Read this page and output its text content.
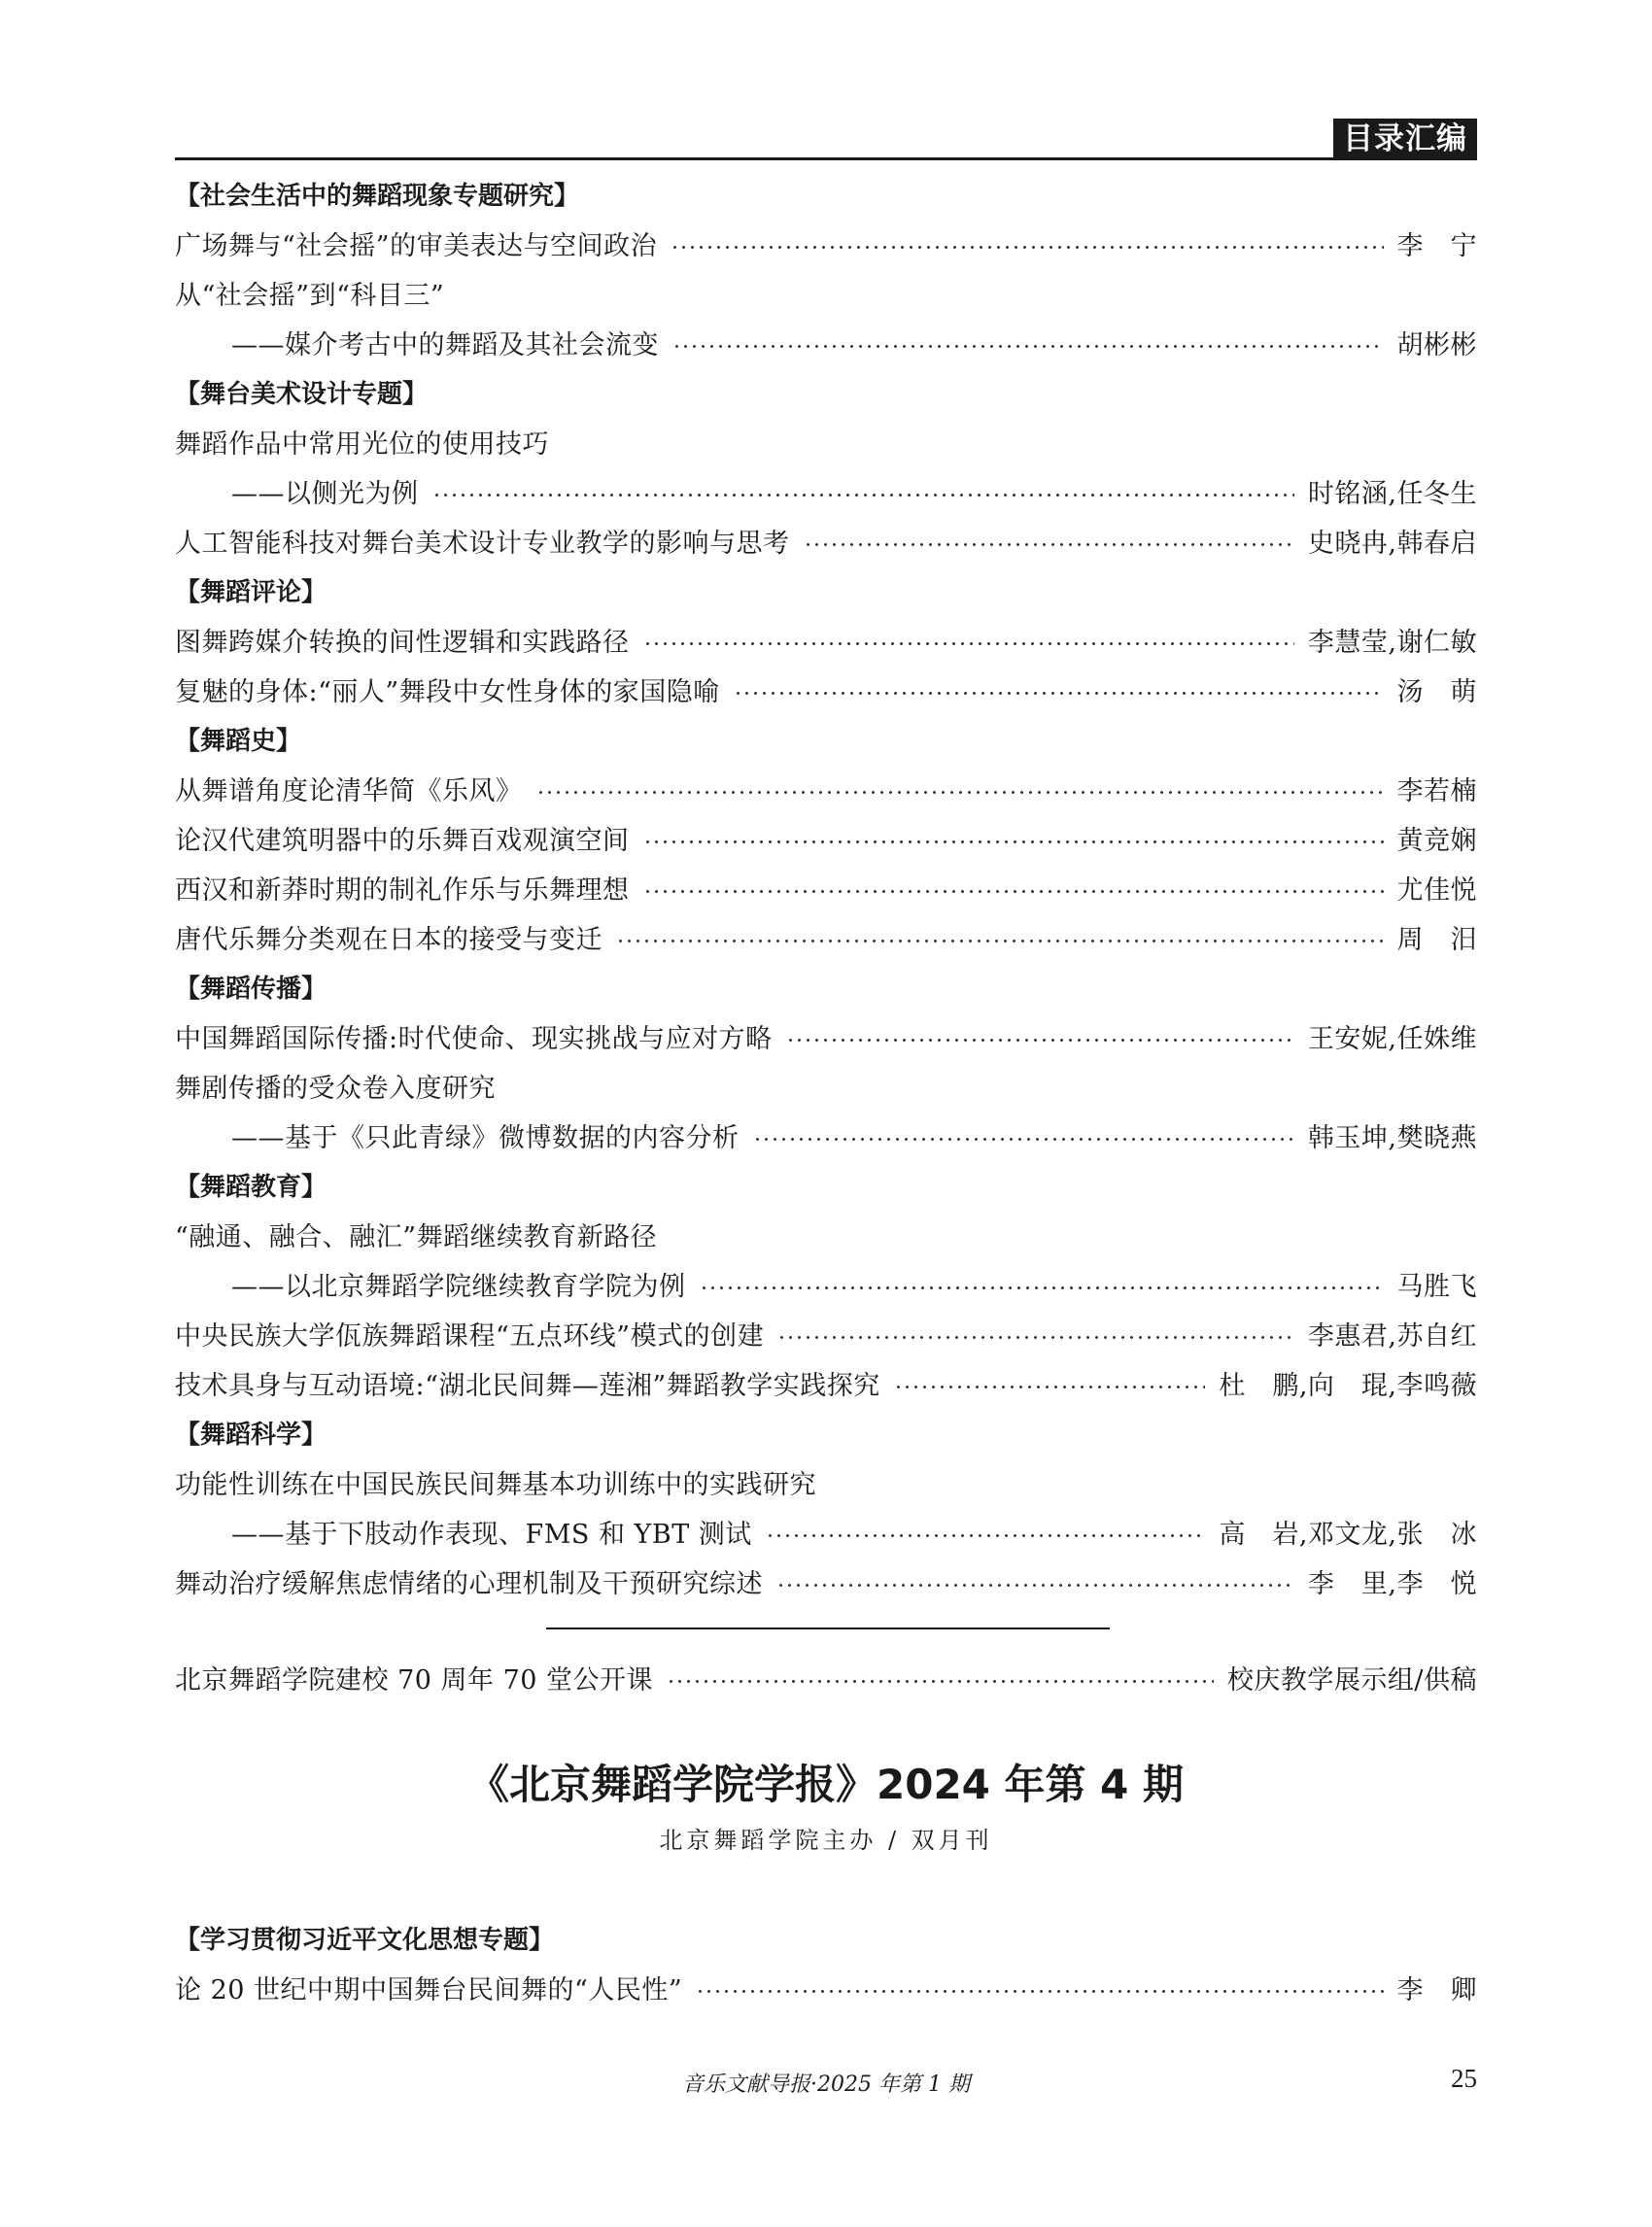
目录汇编
【社会生活中的舞蹈现象专题研究】
广场舞与“社会摇”的审美表达与空间政治	李　宁
从“社会摇”到“科目三”
——媒介考古中的舞蹈及其社会流变	胡彬彬
【舞台美术设计专题】
舞蹈作品中常用光位的使用技巧
——以侧光为例	时铭涵,任冬生
人工智能科技对舞台美术设计专业教学的影响与思考	史晓冉,韩春启
【舞蹈评论】
图舞跨媒介转换的间性逻辑和实践路径	李慧莹,谢仁敏
复魅的身体:“丽人”舞段中女性身体的家国隐喻	汤　萌
【舞蹈史】
从舞谱角度论清华简《乐风》	李若楠
论汉代建筑明器中的乐舞百戏观演空间	黄竞娴
西汉和新莽时期的制礼作乐与乐舞理想	尤佳悦
唐代乐舞分类观在日本的接受与变迁	周　汨
【舞蹈传播】
中国舞蹈国际传播:时代使命、现实挑战与应对方略	王安妮,任姝维
舞剧传播的受众卷入度研究
——基于《只此青绿》微博数据的内容分析	韩玉坤,樊晓燕
【舞蹈教育】
“融通、融合、融汇”舞蹈继续教育新路径
——以北京舞蹈学院继续教育学院为例	马胜飞
中央民族大学佤族舞蹈课程“五点环线”模式的创建	李惠君,苏自红
技术具身与互动语境:“湖北民间舞—莲湘”舞蹈教学实践探究	杜　鹏,向　琨,李鸣薇
【舞蹈科学】
功能性训练在中国民族民间舞基本功训练中的实践研究
——基于下肢动作表现、FMS 和 YBT 测试	高　岩,邓文龙,张　冰
舞动治疗缓解焦虑情绪的心理机制及干预研究综述	李　里,李　悦
北京舞蹈学院建校 70 周年 70 堂公开课	校庆教学展示组/供稿
《北京舞蹈学院学报》2024 年第 4 期
北京舞蹈学院主办 / 双月刊
【学习贯彻习近平文化思想专题】
论 20 世纪中期中国舞台民间舞的“人民性”	李　卿
音乐文献导报·2025 年第 1 期	25
